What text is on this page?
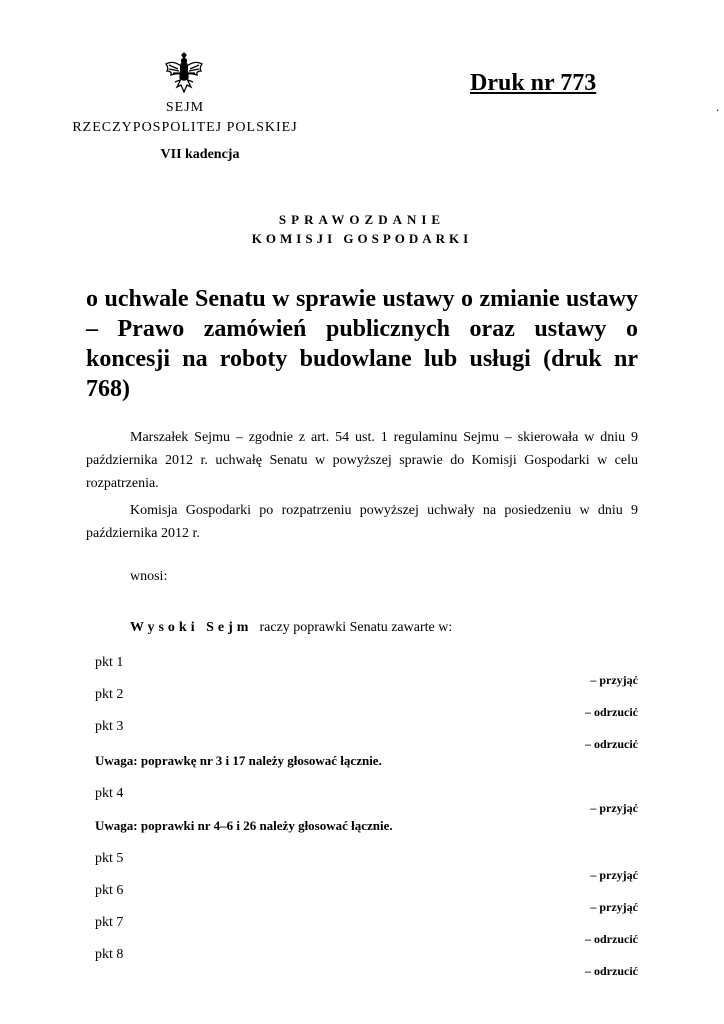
Druk nr 773
.
SEJM
RZECZYPOSPOLITEJ POLSKIEJ
VII kadencja
SPRAWOZDANIE
KOMISJI GOSPODARKI
o uchwale Senatu w sprawie ustawy o zmianie ustawy – Prawo zamówień publicznych oraz ustawy o koncesji na roboty budowlane lub usługi (druk nr 768)
Marszałek Sejmu – zgodnie z art. 54 ust. 1 regulaminu Sejmu – skierowała w dniu 9 października 2012 r. uchwałę Senatu w powyższej sprawie do Komisji Gospodarki w celu rozpatrzenia.
Komisja Gospodarki po rozpatrzeniu powyższej uchwały na posiedzeniu w dniu 9 października 2012 r.
wnosi:
Wysoki Sejm raczy poprawki Senatu zawarte w:
pkt 1
– przyjąć
pkt 2
– odrzucić
pkt 3
– odrzucić
Uwaga: poprawkę nr 3 i 17 należy głosować łącznie.
pkt 4
– przyjąć
Uwaga: poprawki nr 4–6 i 26 należy głosować łącznie.
pkt 5
– przyjąć
pkt 6
– przyjąć
pkt 7
– odrzucić
pkt 8
– odrzucić
